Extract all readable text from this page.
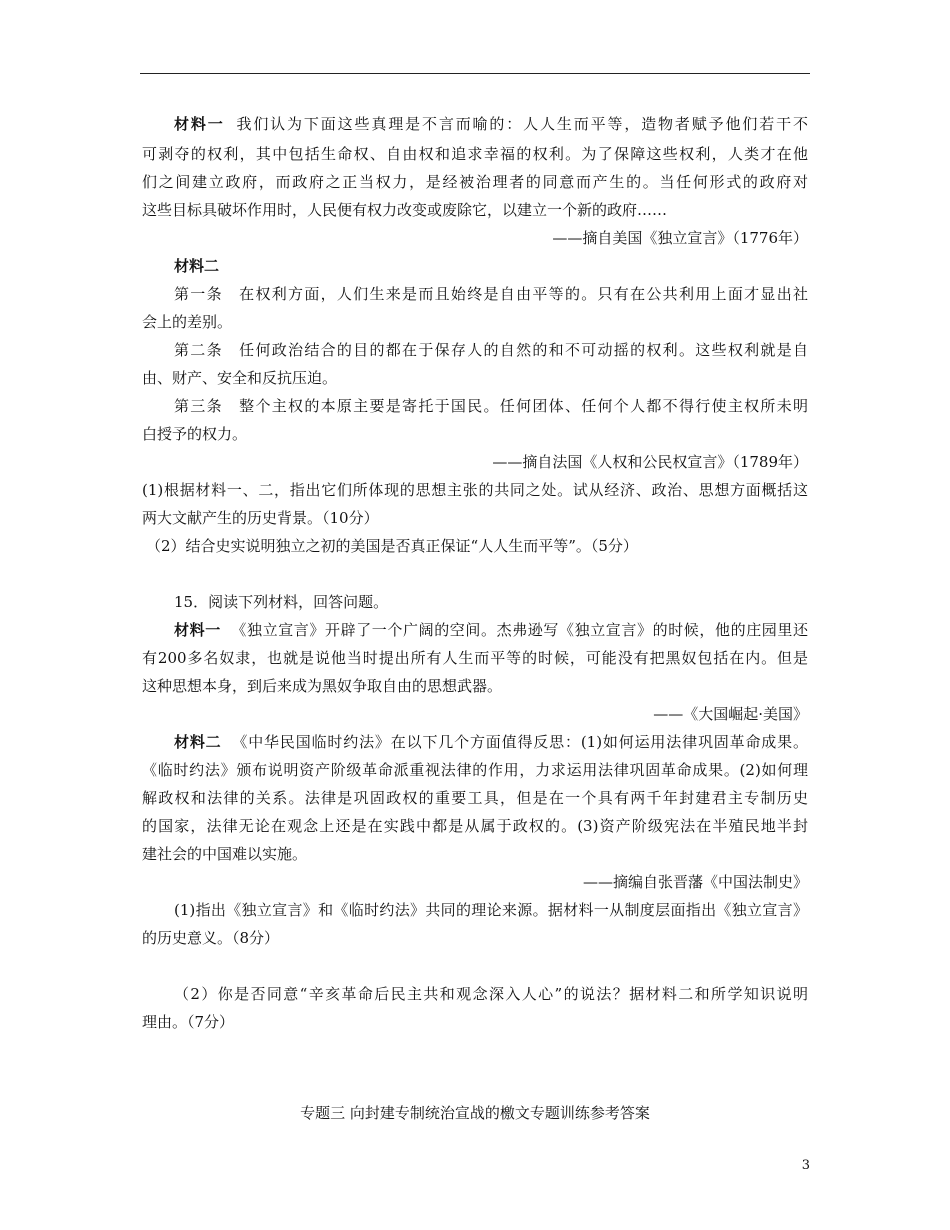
材料一 我们认为下面这些真理是不言而喻的：人人生而平等，造物者赋予他们若干不
可剥夺的权利，其中包括生命权、自由权和追求幸福的权利。为了保障这些权利，人类才在他
们之间建立政府，而政府之正当权力，是经被治理者的同意而产生的。当任何形式的政府对
这些目标具破坏作用时，人民便有权力改变或废除它，以建立一个新的政府……
——摘自美国《独立宣言》（1776年）
材料二
第一条　在权利方面，人们生来是而且始终是自由平等的。只有在公共利用上面才显出社
会上的差别。
第二条　任何政治结合的目的都在于保存人的自然的和不可动摇的权利。这些权利就是自
由、财产、安全和反抗压迫。
第三条　整个主权的本原主要是寄托于国民。任何团体、任何个人都不得行使主权所未明
白授予的权力。
——摘自法国《人权和公民权宣言》（1789年）
(1)根据材料一、二，指出它们所体现的思想主张的共同之处。试从经济、政治、思想方面概括这
两大文献产生的历史背景。（10分）
（2）结合史实说明独立之初的美国是否真正保证“人人生而平等”。（5分）
15．阅读下列材料，回答问题。
材料一 《独立宣言》开辟了一个广阔的空间。杰弗逊写《独立宣言》的时候，他的庄园里还
有200多名奴隶，也就是说他当时提出所有人生而平等的时候，可能没有把黑奴包括在内。但是
这种思想本身，到后来成为黑奴争取自由的思想武器。
——《大国崛起·美国》
材料二 《中华民国临时约法》在以下几个方面值得反思：(1)如何运用法律巩固革命成果。
《临时约法》颁布说明资产阶级革命派重视法律的作用，力求运用法律巩固革命成果。(2)如何理
解政权和法律的关系。法律是巩固政权的重要工具，但是在一个具有两千年封建君主专制历史
的国家，法律无论在观念上还是在实践中都是从属于政权的。(3)资产阶级宪法在半殖民地半封
建社会的中国难以实施。
——摘编自张晋藩《中国法制史》
(1)指出《独立宣言》和《临时约法》共同的理论来源。据材料一从制度层面指出《独立宣言》
的历史意义。（8分）
（2）你是否同意“辛亥革命后民主共和观念深入人心”的说法？据材料二和所学知识说明
理由。（7分）
专题三 向封建专制统治宣战的檄文专题训练参考答案
3
